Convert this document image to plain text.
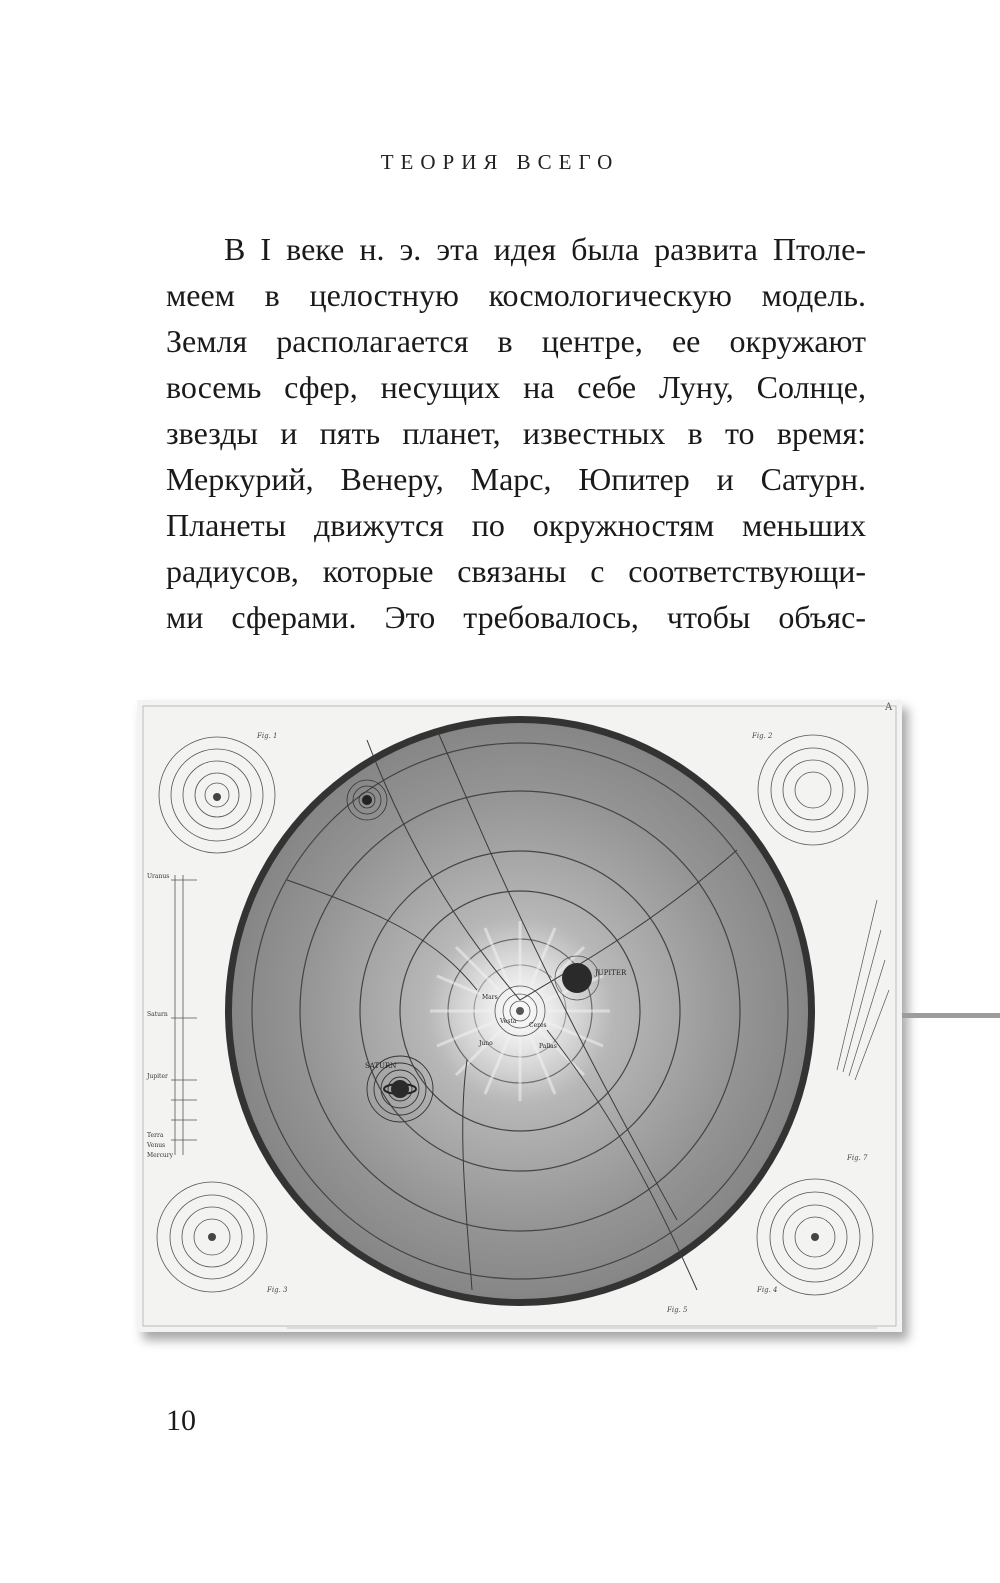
ТЕОРИЯ ВСЕГО
В I веке н. э. эта идея была развита Птоле-
меем в целостную космологическую модель.
Земля располагается в центре, ее окружают
восемь сфер, несущих на себе Луну, Солнце,
звезды и пять планет, известных в то время:
Меркурий, Венеру, Марс, Юпитер и Сатурн.
Планеты движутся по окружностям меньших
радиусов, которые связаны с соответствующи-
ми сферами. Это требовалось, чтобы объяс-
A
JUPITER
SATURN
Mars
Ceres
Vesta
Juno	Pallas
Uranus
Saturn
Jupiter
Terra
Venus
Mercury
Fig. 1	Fig. 2
Fig. 3	Fig. 4
Fig. 5
Fig. 7
10
